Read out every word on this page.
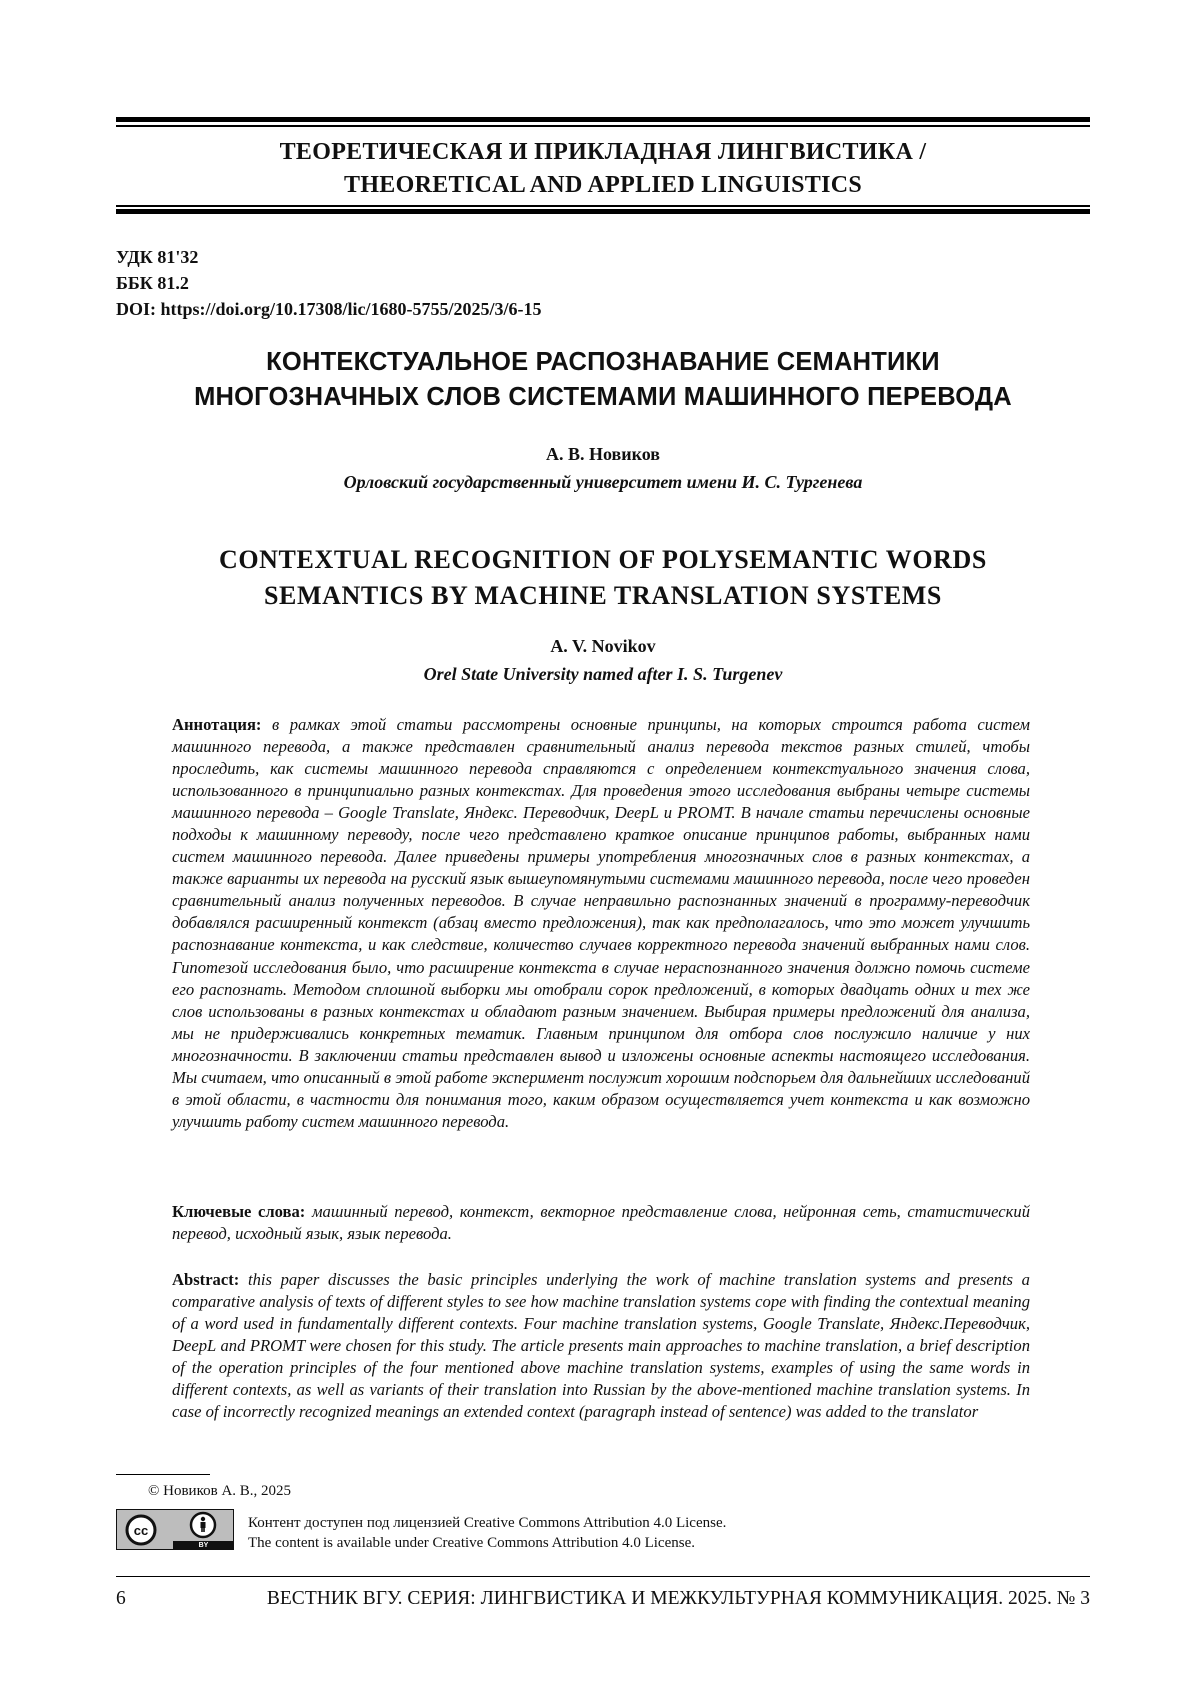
ТЕОРЕТИЧЕСКАЯ И ПРИКЛАДНАЯ ЛИНГВИСТИКА /
THEORETICAL AND APPLIED LINGUISTICS
УДК 81'32
ББК 81.2
DOI: https://doi.org/10.17308/lic/1680-5755/2025/3/6-15
КОНТЕКСТУАЛЬНОЕ РАСПОЗНАВАНИЕ СЕМАНТИКИ
МНОГОЗНАЧНЫХ СЛОВ СИСТЕМАМИ МАШИННОГО ПЕРЕВОДА
А. В. Новиков
Орловский государственный университет имени И. С. Тургенева
CONTEXTUAL RECOGNITION OF POLYSEMANTIC WORDS
SEMANTICS BY MACHINE TRANSLATION SYSTEMS
A. V. Novikov
Orel State University named after I. S. Turgenev

Аннотация: в рамках этой статьи рассмотрены основные принципы, на которых строится работа систем машинного перевода, а также представлен сравнительный анализ перевода текстов разных стилей, чтобы проследить, как системы машинного перевода справляются с определением контекстуального значения слова, использованного в принципиально разных контекстах. Для проведения этого исследования выбраны четыре системы машинного перевода – Google Translate, Яндекс. Переводчик, DeepL и PROMT. В начале статьи перечислены основные подходы к машинному переводу, после чего представлено краткое описание принципов работы, выбранных нами систем машинного перевода. Далее приведены примеры употребления многозначных слов в разных контекстах, а также варианты их перевода на русский язык вышеупомянутыми системами машинного перевода, после чего проведен сравнительный анализ полученных переводов. В случае неправильно распознанных значений в программу-переводчик добавлялся расширенный контекст (абзац вместо предложения), так как предполагалось, что это может улучшить распознавание контекста, и как следствие, количество случаев корректного перевода значений выбранных нами слов. Гипотезой исследования было, что расширение контекста в случае нераспознанного значения должно помочь системе его распознать. Методом сплошной выборки мы отобрали сорок предложений, в которых двадцать одних и тех же слов использованы в разных контекстах и обладают разным значением. Выбирая примеры предложений для анализа, мы не придерживались конкретных тематик. Главным принципом для отбора слов послужило наличие у них многозначности. В заключении статьи представлен вывод и изложены основные аспекты настоящего исследования. Мы считаем, что описанный в этой работе эксперимент послужит хорошим подспорьем для дальнейших исследований в этой области, в частности для понимания того, каким образом осуществляется учет контекста и как возможно улучшить работу систем машинного перевода.

Ключевые слова: машинный перевод, контекст, векторное представление слова, нейронная сеть, статистический перевод, исходный язык, язык перевода.

Abstract: this paper discusses the basic principles underlying the work of machine translation systems and presents a comparative analysis of texts of different styles to see how machine translation systems cope with finding the contextual meaning of a word used in fundamentally different contexts. Four machine translation systems, Google Translate, Яндекс.Переводчик, DeepL and PROMT were chosen for this study. The article presents main approaches to machine translation, a brief description of the operation principles of the four mentioned above machine translation systems, examples of using the same words in different contexts, as well as variants of their translation into Russian by the above-mentioned machine translation systems. In case of incorrectly recognized meanings an extended context (paragraph instead of sentence) was added to the translator

© Новиков А. В., 2025
cc
BY
Контент доступен под лицензией Creative Commons Attribution 4.0 License.
The content is available under Creative Commons Attribution 4.0 License.
6	ВЕСТНИК ВГУ. СЕРИЯ: ЛИНГВИСТИКА И МЕЖКУЛЬТУРНАЯ КОММУНИКАЦИЯ. 2025. № 3
